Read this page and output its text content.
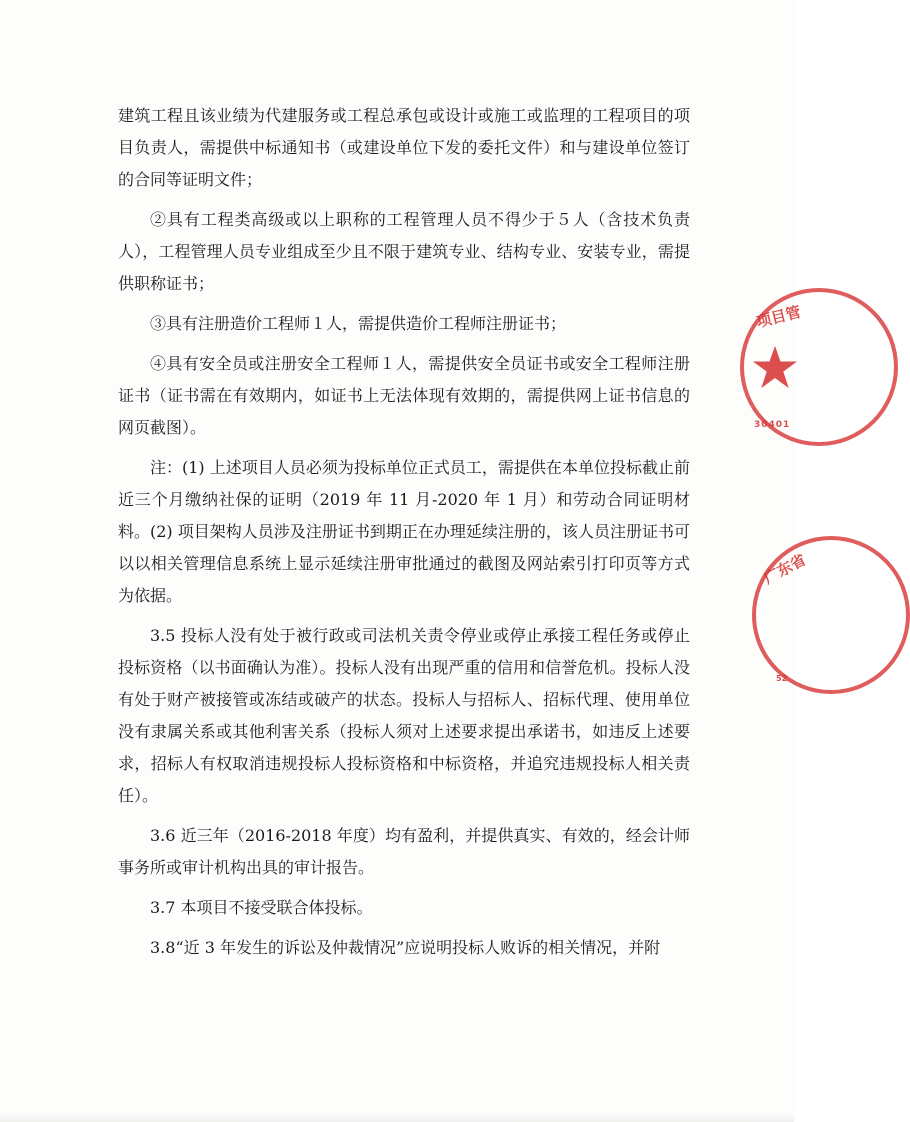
建筑工程且该业绩为代建服务或工程总承包或设计或施工或监理的工程项目的项目负责人，需提供中标通知书（或建设单位下发的委托文件）和与建设单位签订的合同等证明文件；

②具有工程类高级或以上职称的工程管理人员不得少于５人（含技术负责人），工程管理人员专业组成至少且不限于建筑专业、结构专业、安装专业，需提供职称证书；

③具有注册造价工程师１人，需提供造价工程师注册证书；

④具有安全员或注册安全工程师１人，需提供安全员证书或安全工程师注册证书（证书需在有效期内，如证书上无法体现有效期的，需提供网上证书信息的网页截图）。

注：(1) 上述项目人员必须为投标单位正式员工，需提供在本单位投标截止前近三个月缴纳社保的证明（2019 年 11 月-2020 年 1 月）和劳动合同证明材料。(2) 项目架构人员涉及注册证书到期正在办理延续注册的，该人员注册证书可以以相关管理信息系统上显示延续注册审批通过的截图及网站索引打印页等方式为依据。

3.5 投标人没有处于被行政或司法机关责令停业或停止承接工程任务或停止投标资格（以书面确认为准）。投标人没有出现严重的信用和信誉危机。投标人没有处于财产被接管或冻结或破产的状态。投标人与招标人、招标代理、使用单位没有隶属关系或其他利害关系（投标人须对上述要求提出承诺书，如违反上述要求，招标人有权取消违规投标人投标资格和中标资格，并追究违规投标人相关责任）。

3.6 近三年（2016-2018 年度）均有盈利，并提供真实、有效的，经会计师事务所或审计机构出具的审计报告。

3.7 本项目不接受联合体投标。

3.8“近 3 年发生的诉讼及仲裁情况”应说明投标人败诉的相关情况，并附

项目管
30401
广东省
52
